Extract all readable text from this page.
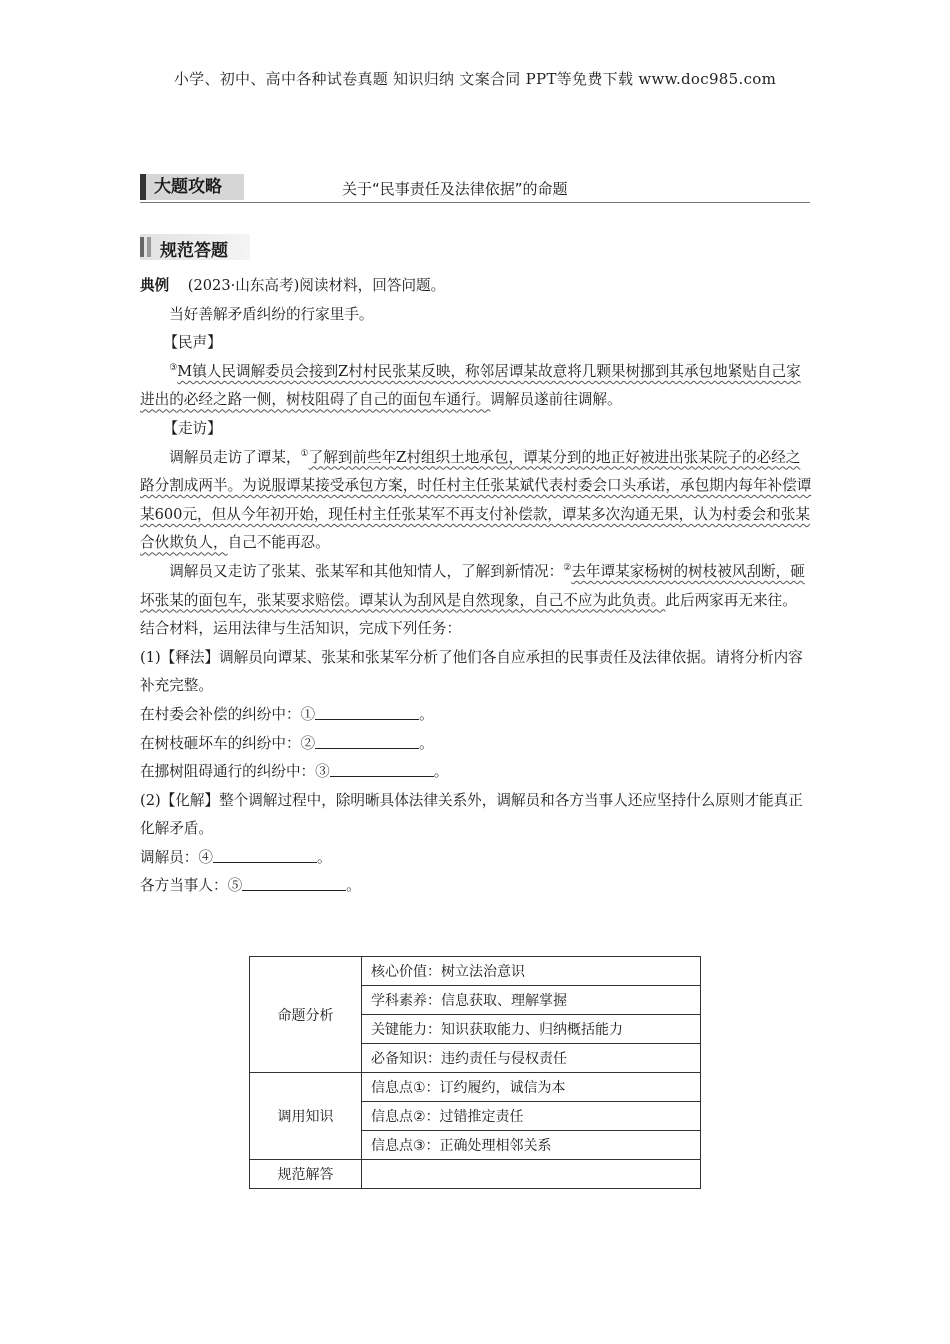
小学、初中、高中各种试卷真题 知识归纳 文案合同 PPT等免费下载 www.doc985.com
大题攻略	关于“民事责任及法律依据”的命题
规范答题

典例 (2023·山东高考)阅读材料，回答问题。

当好善解矛盾纠纷的行家里手。

【民声】

③M镇人民调解委员会接到Z村村民张某反映，称邻居谭某故意将几颗果树挪到其承包地紧贴自己家进出的必经之路一侧，树枝阻碍了自己的面包车通行。调解员遂前往调解。

【走访】

调解员走访了谭某，①了解到前些年Z村组织土地承包，谭某分到的地正好被进出张某院子的必经之路分割成两半。为说服谭某接受承包方案，时任村主任张某斌代表村委会口头承诺，承包期内每年补偿谭某600元，但从今年初开始，现任村主任张某军不再支付补偿款，谭某多次沟通无果，认为村委会和张某合伙欺负人，自己不能再忍。

调解员又走访了张某、张某军和其他知情人，了解到新情况：②去年谭某家杨树的树枝被风刮断，砸坏张某的面包车，张某要求赔偿。谭某认为刮风是自然现象，自己不应为此负责。此后两家再无来往。

结合材料，运用法律与生活知识，完成下列任务：

(1)【释法】调解员向谭某、张某和张某军分析了他们各自应承担的民事责任及法律依据。请将分析内容补充完整。

在村委会补偿的纠纷中：①	。

在树枝砸坏车的纠纷中：②	。

在挪树阻碍通行的纠纷中：③	。

(2)【化解】整个调解过程中，除明晰具体法律关系外，调解员和各方当事人还应坚持什么原则才能真正化解矛盾。

调解员：④	。

各方当事人：⑤	。

命题分析	核心价值：树立法治意识
	学科素养：信息获取、理解掌握
	关键能力：知识获取能力、归纳概括能力
	必备知识：违约责任与侵权责任
调用知识	信息点①：订约履约，诚信为本
	信息点②：过错推定责任
	信息点③：正确处理相邻关系
规范解答	
